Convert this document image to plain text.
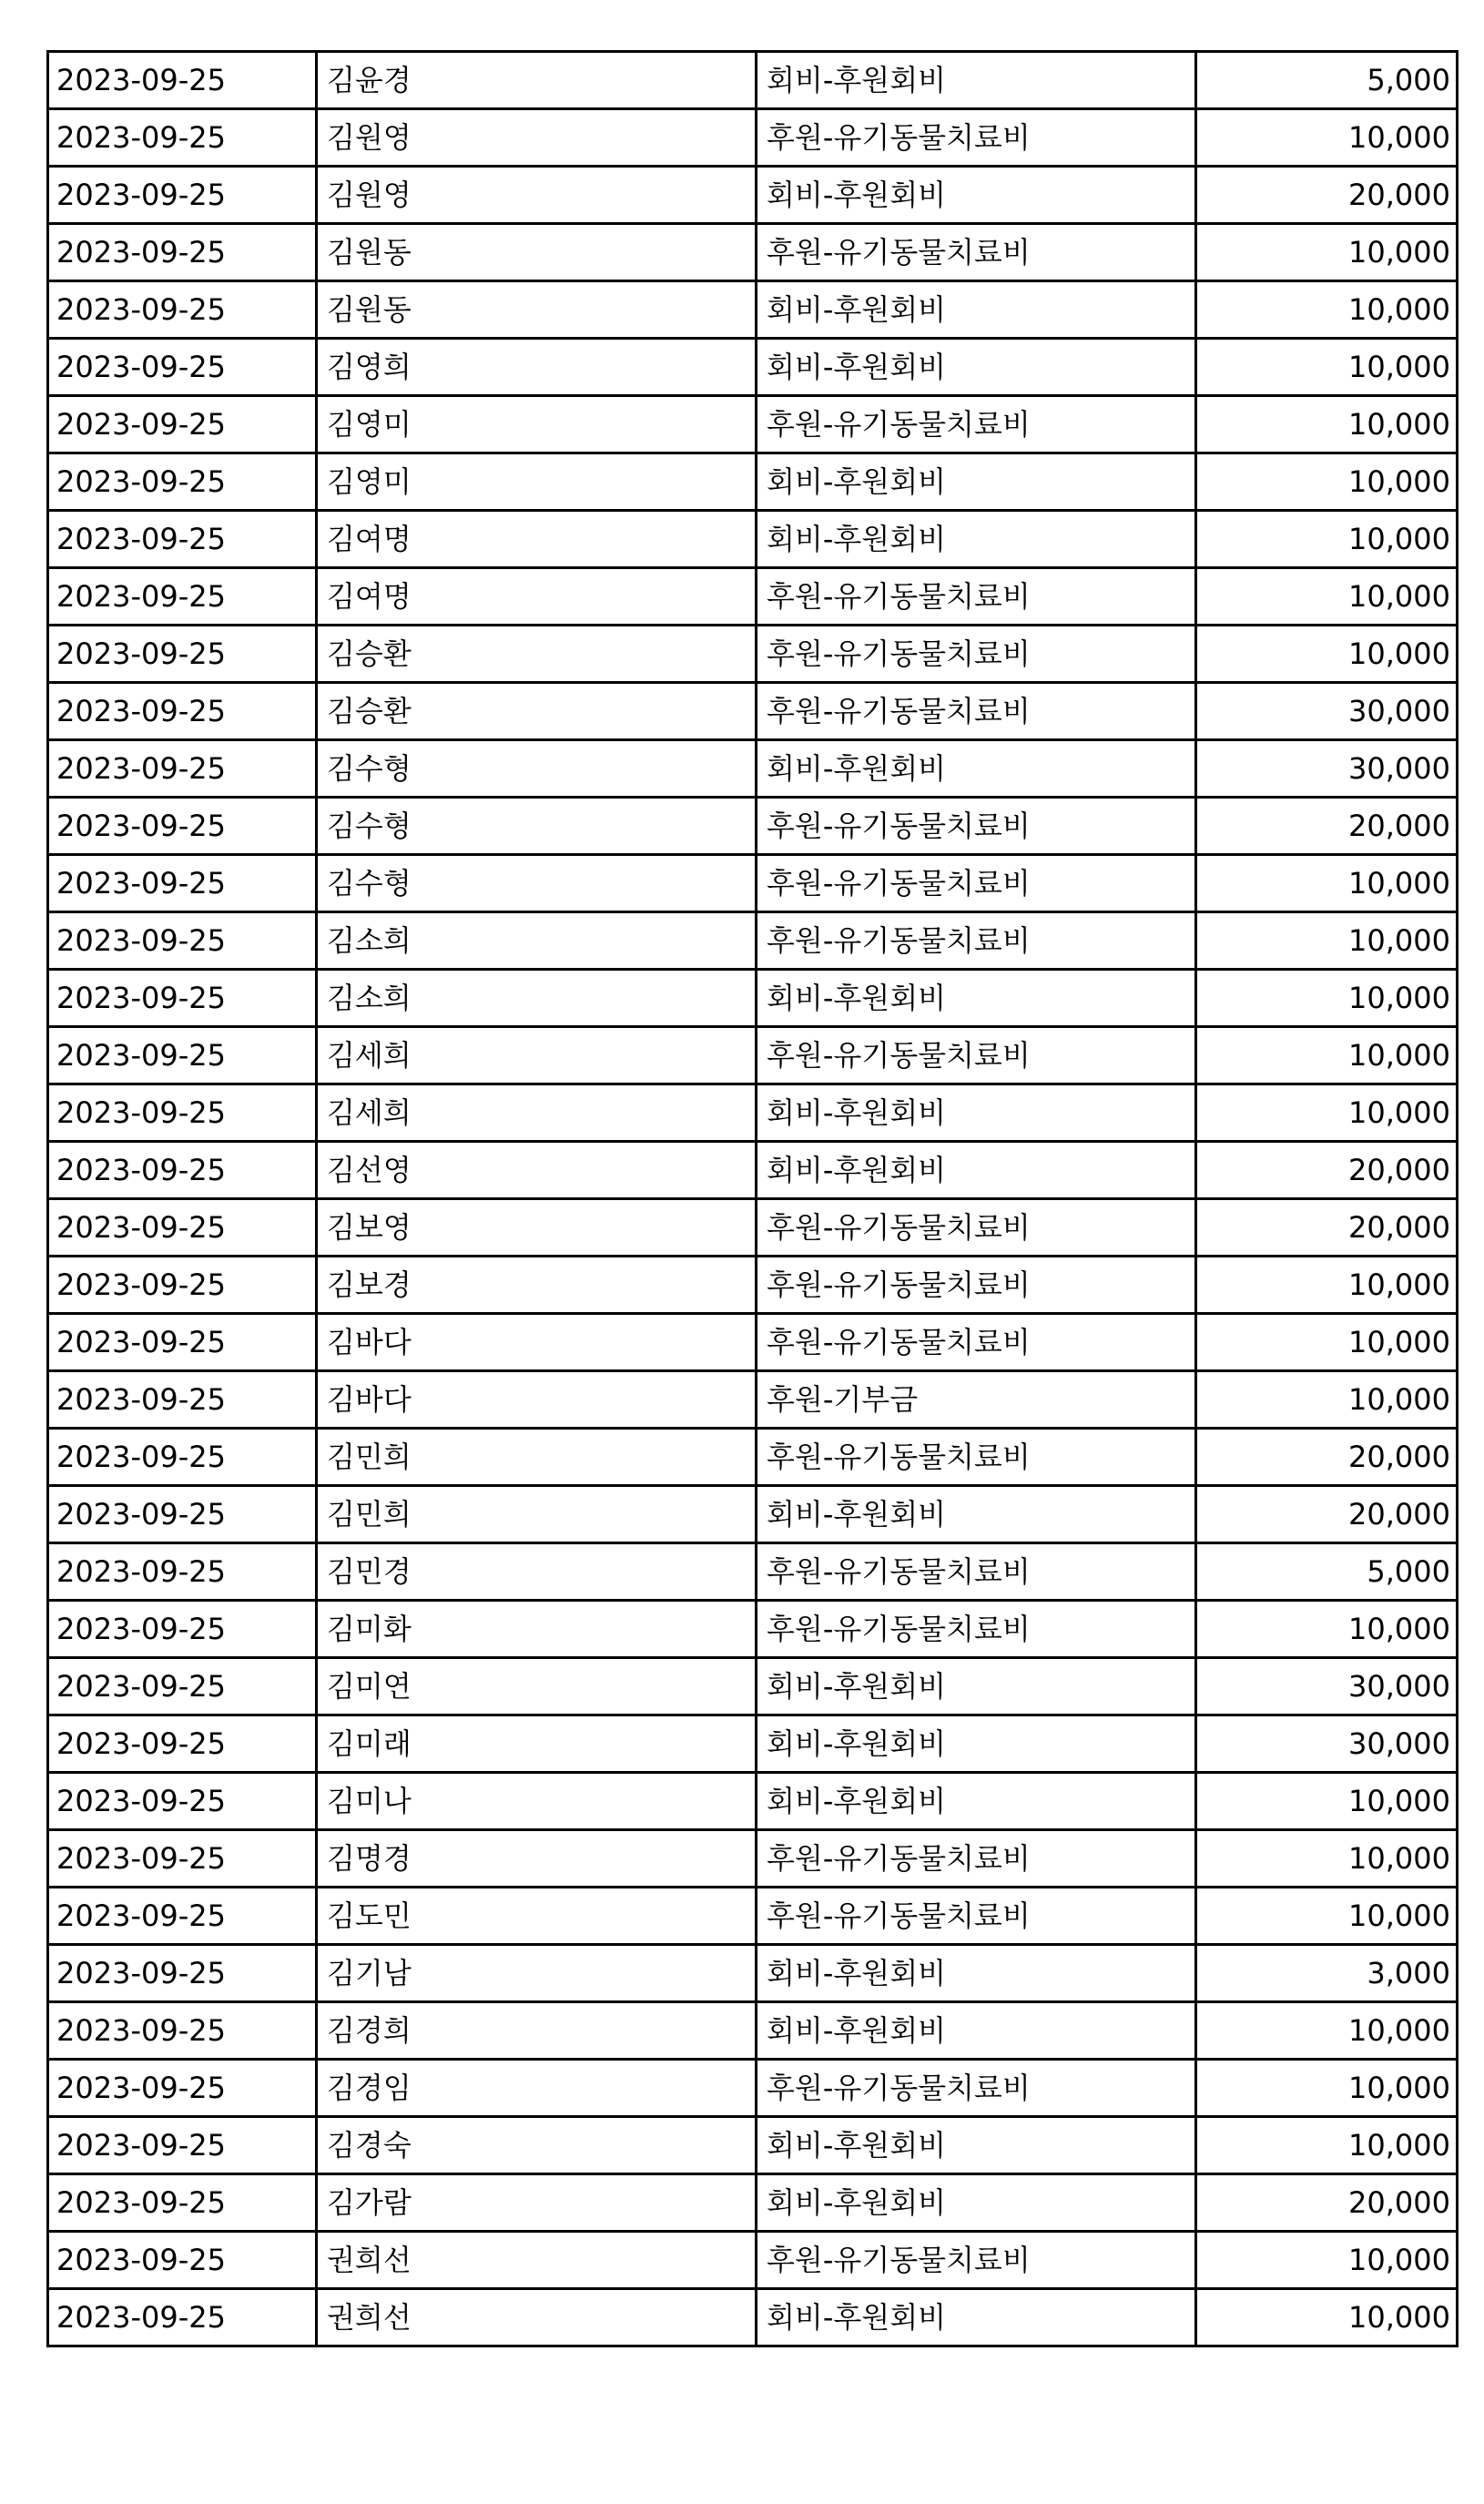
2023-09-25	김윤경	회비-후원회비	5,000
2023-09-25	김원영	후원-유기동물치료비	10,000
2023-09-25	김원영	회비-후원회비	20,000
2023-09-25	김원동	후원-유기동물치료비	10,000
2023-09-25	김원동	회비-후원회비	10,000
2023-09-25	김영희	회비-후원회비	10,000
2023-09-25	김영미	후원-유기동물치료비	10,000
2023-09-25	김영미	회비-후원회비	10,000
2023-09-25	김여명	회비-후원회비	10,000
2023-09-25	김여명	후원-유기동물치료비	10,000
2023-09-25	김승환	후원-유기동물치료비	10,000
2023-09-25	김승환	후원-유기동물치료비	30,000
2023-09-25	김수형	회비-후원회비	30,000
2023-09-25	김수형	후원-유기동물치료비	20,000
2023-09-25	김수형	후원-유기동물치료비	10,000
2023-09-25	김소희	후원-유기동물치료비	10,000
2023-09-25	김소희	회비-후원회비	10,000
2023-09-25	김세희	후원-유기동물치료비	10,000
2023-09-25	김세희	회비-후원회비	10,000
2023-09-25	김선영	회비-후원회비	20,000
2023-09-25	김보영	후원-유기동물치료비	20,000
2023-09-25	김보경	후원-유기동물치료비	10,000
2023-09-25	김바다	후원-유기동물치료비	10,000
2023-09-25	김바다	후원-기부금	10,000
2023-09-25	김민희	후원-유기동물치료비	20,000
2023-09-25	김민희	회비-후원회비	20,000
2023-09-25	김민경	후원-유기동물치료비	5,000
2023-09-25	김미화	후원-유기동물치료비	10,000
2023-09-25	김미연	회비-후원회비	30,000
2023-09-25	김미래	회비-후원회비	30,000
2023-09-25	김미나	회비-후원회비	10,000
2023-09-25	김명경	후원-유기동물치료비	10,000
2023-09-25	김도민	후원-유기동물치료비	10,000
2023-09-25	김기남	회비-후원회비	3,000
2023-09-25	김경희	회비-후원회비	10,000
2023-09-25	김경임	후원-유기동물치료비	10,000
2023-09-25	김경숙	회비-후원회비	10,000
2023-09-25	김가람	회비-후원회비	20,000
2023-09-25	권희선	후원-유기동물치료비	10,000
2023-09-25	권희선	회비-후원회비	10,000
